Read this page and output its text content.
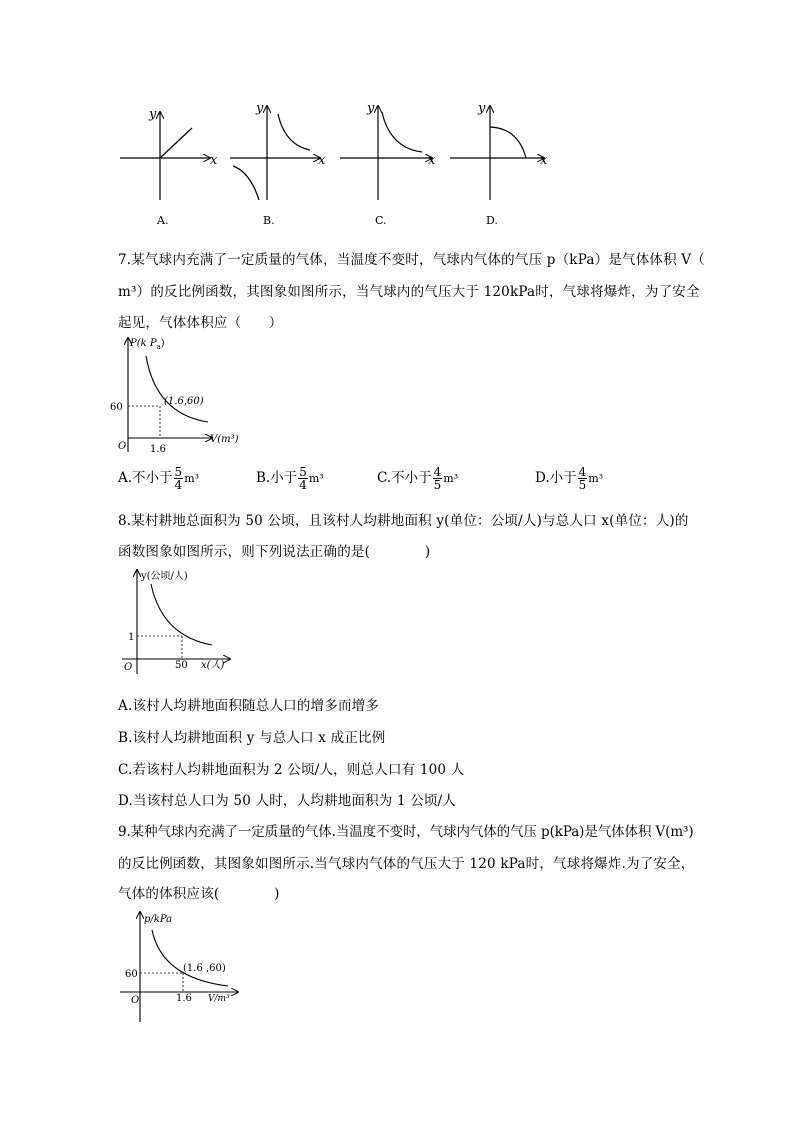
y
x
A.
y
x
B.
y
x
C.
y
x
D.
7.某气球内充满了一定质量的气体，当温度不变时，气球内气体的气压 p（kPa）是气体体积 V（
m³）的反比例函数，其图象如图所示，当气球内的气压大于 120kPa时，气球将爆炸，为了安全
起见，气体体积应（　　）
P(k $P_a$)
V(m³)
O
60
1.6
(1.6,60)
A.不小于 $\frac{5}{4} m^3$	B.小于 $\frac{5}{4} m^3$	C.不小于 $\frac{4}{5} m^3$	D.小于 $\frac{4}{5} m^3$
8.某村耕地总面积为 50 公顷，且该村人均耕地面积 y(单位：公顷/人)与总人口 x(单位：人)的
函数图象如图所示，则下列说法正确的是(　　　　)
y(公顷/人)
x(人)
O
1
50
A.该村人均耕地面积随总人口的增多而增多
B.该村人均耕地面积 y 与总人口 x 成正比例
C.若该村人均耕地面积为 2 公顷/人，则总人口有 100 人
D.当该村总人口为 50 人时，人均耕地面积为 1 公顷/人
9.某种气球内充满了一定质量的气体.当温度不变时，气球内气体的气压 p(kPa)是气体体积 V(m³)
的反比例函数，其图象如图所示.当气球内气体的气压大于 120 kPa时，气球将爆炸.为了安全，
气体的体积应该(　　　　)
p/kPa
V/m³
O
60
1.6
(1.6 ,60)
